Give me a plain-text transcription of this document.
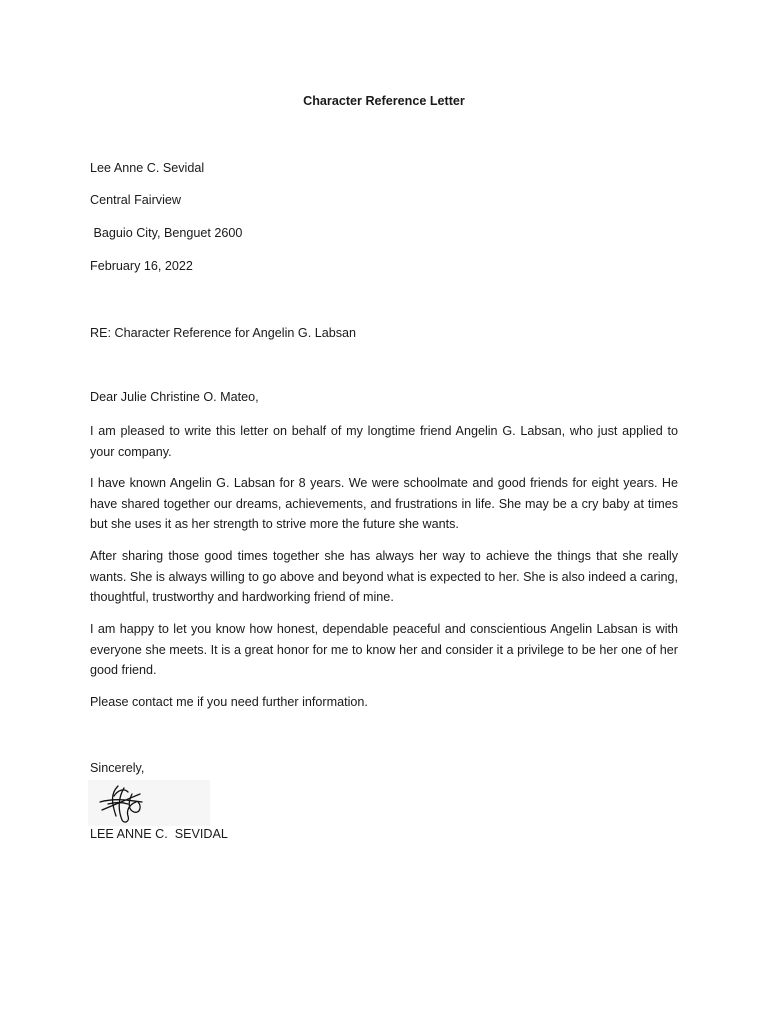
Character Reference Letter
Lee Anne C. Sevidal
Central Fairview
Baguio City, Benguet 2600
February 16, 2022
RE: Character Reference for Angelin G. Labsan
Dear Julie Christine O. Mateo,
I am pleased to write this letter on behalf of my longtime friend Angelin G. Labsan, who just applied to your company.
I have known Angelin G. Labsan for 8 years. We were schoolmate and good friends for eight years. He have shared together our dreams, achievements, and frustrations in life. She may be a cry baby at times but she uses it as her strength to strive more the future she wants.
After sharing those good times together she has always her way to achieve the things that she really wants. She is always willing to go above and beyond what is expected to her. She is also indeed a caring, thoughtful, trustworthy and hardworking friend of mine.
I am happy to let you know how honest, dependable peaceful and conscientious Angelin Labsan is with everyone she meets. It is a great honor for me to know her and consider it a privilege to be her one of her good friend.
Please contact me if you need further information.
Sincerely,
LEE ANNE C.  SEVIDAL
